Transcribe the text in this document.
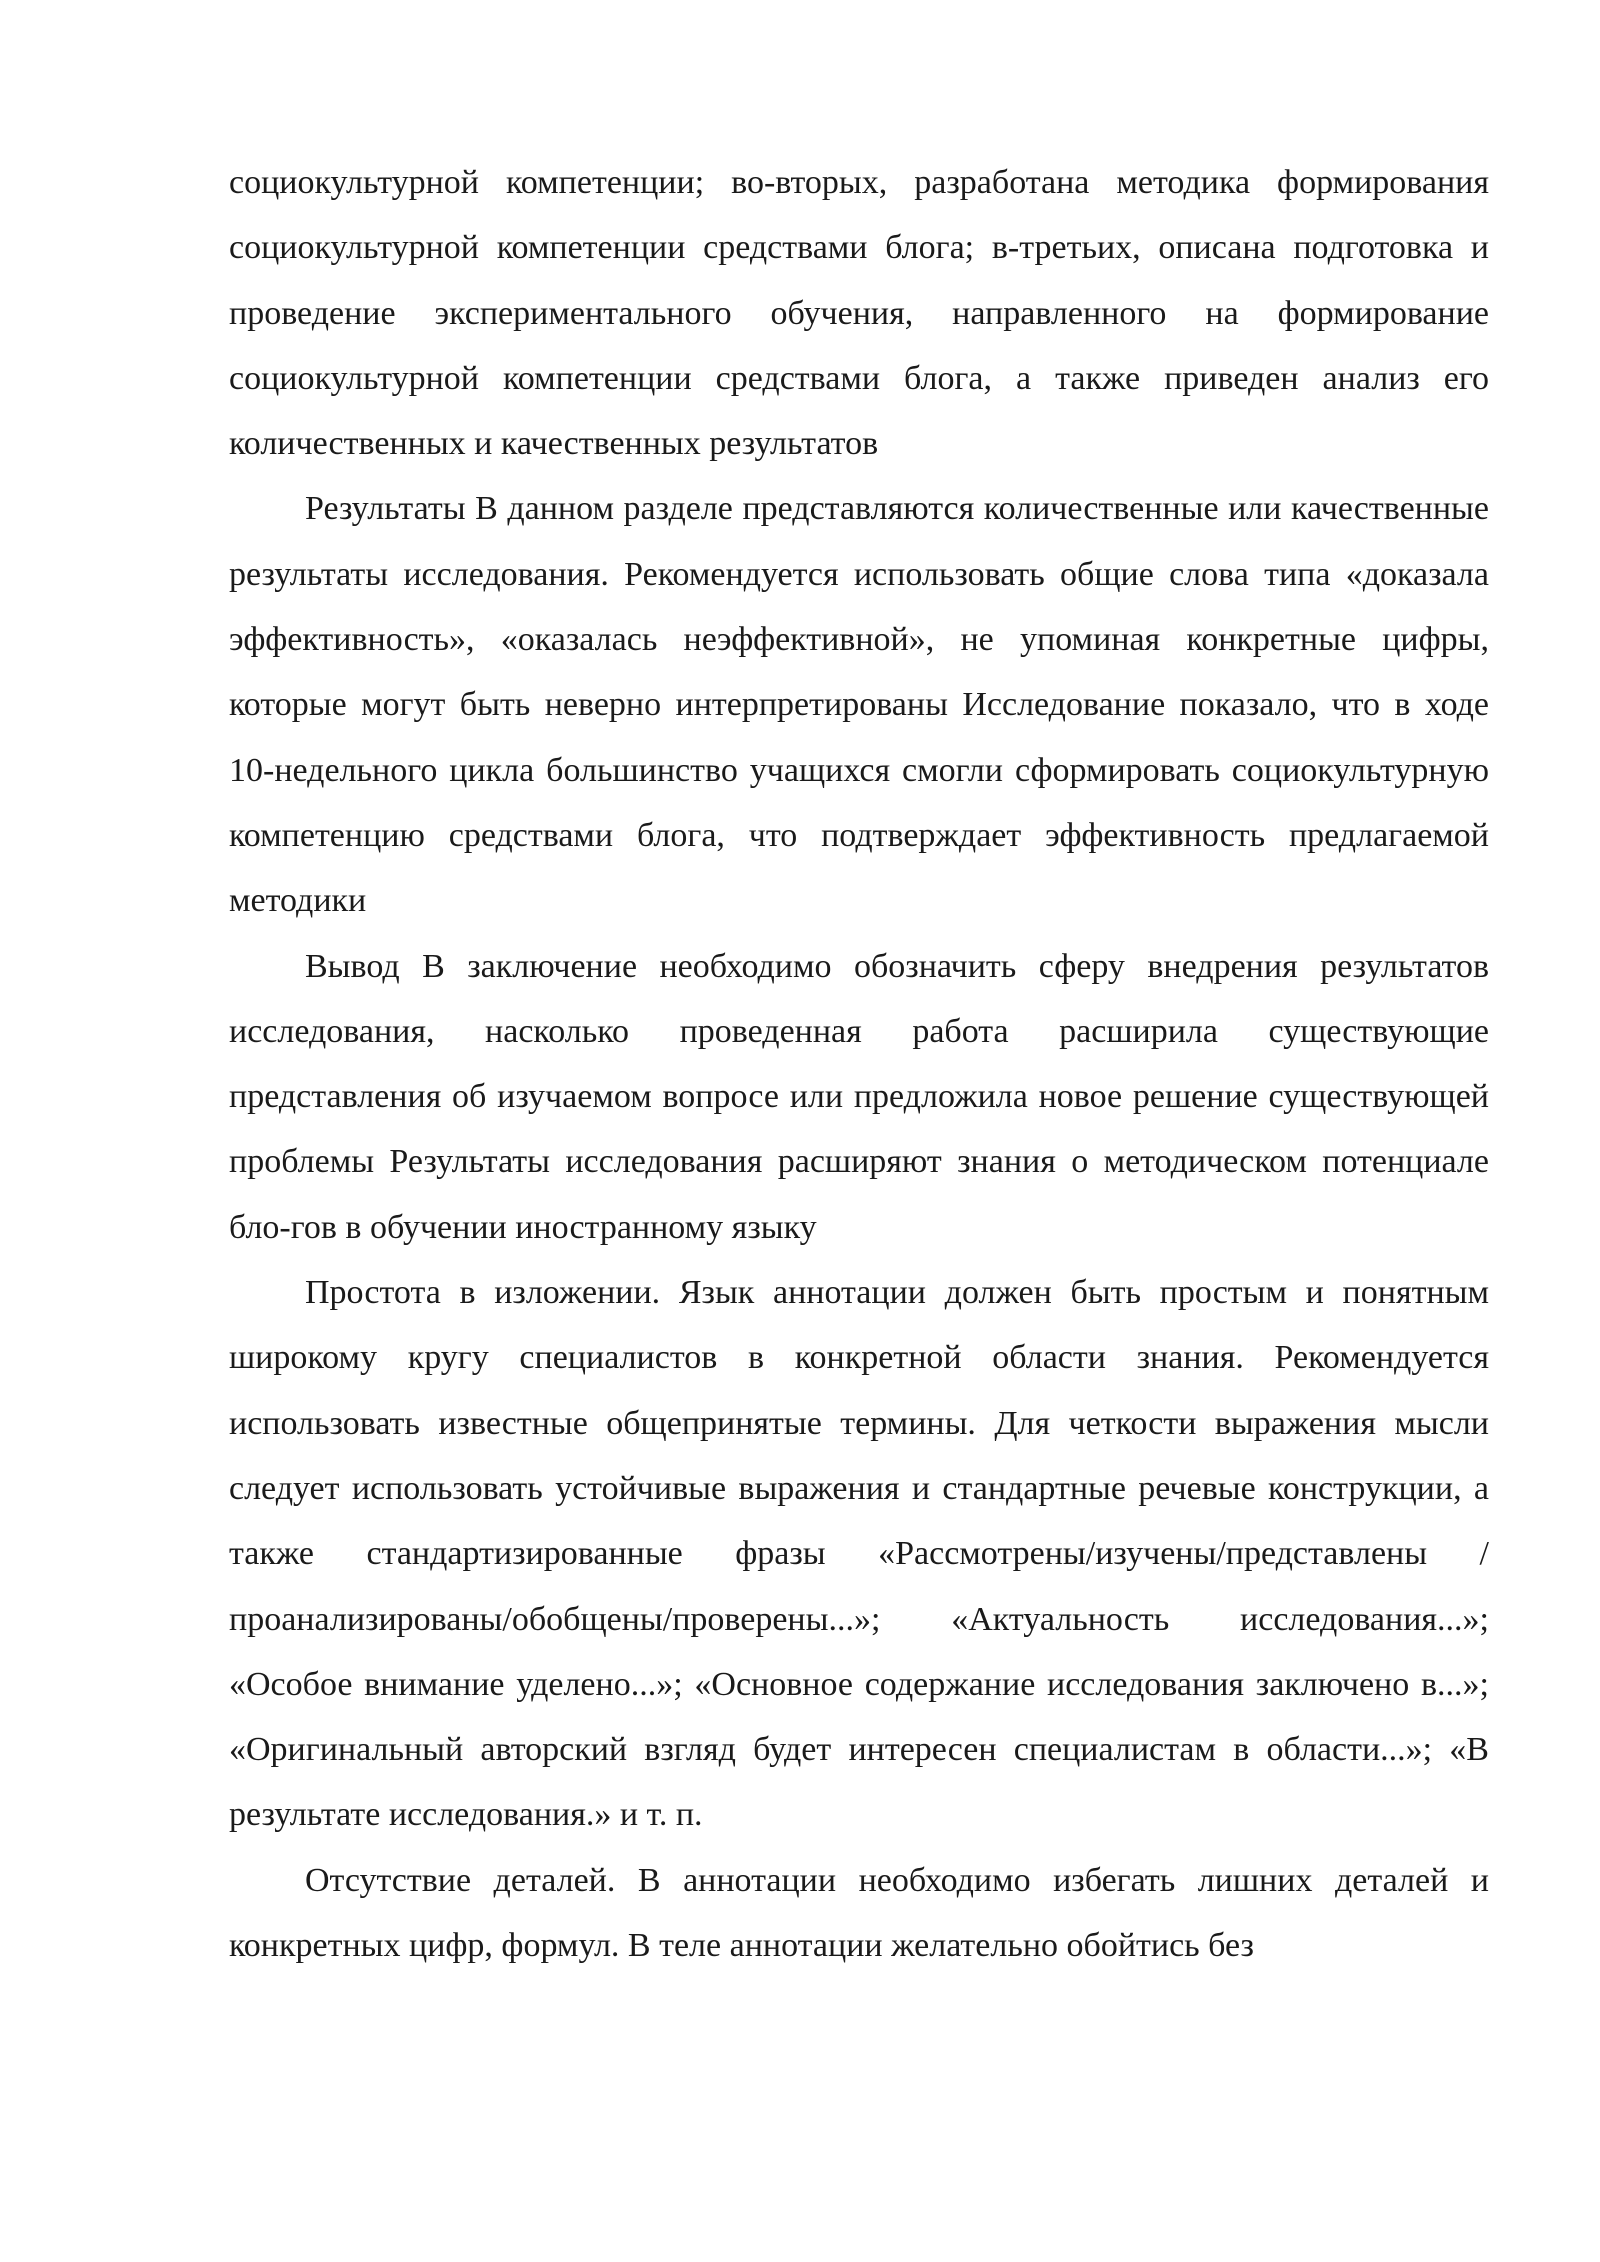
социокультурной компетенции; во-вторых, разработана методика формирования социокультурной компетенции средствами блога; в-третьих, описана подготовка и проведение экспериментального обучения, направленного на формирование социокультурной компетенции средствами блога, а также приведен анализ его количественных и качественных результатов

Результаты В данном разделе представляются количественные или качественные результаты исследования. Рекомендуется использовать общие слова типа «доказала эффективность», «оказалась неэффективной», не упоминая конкретные цифры, которые могут быть неверно интерпретированы Исследование показало, что в ходе 10-недельного цикла большинство учащихся смогли сформировать социокультурную компетенцию средствами блога, что подтверждает эффективность предлагаемой методики

Вывод В заключение необходимо обозначить сферу внедрения результатов исследования, насколько проведенная работа расширила существующие представления об изучаемом вопросе или предложила новое решение существующей проблемы Результаты исследования расширяют знания о методическом потенциале бло-гов в обучении иностранному языку

Простота в изложении. Язык аннотации должен быть простым и понятным широкому кругу специалистов в конкретной области знания. Рекомендуется использовать известные общепринятые термины. Для четкости выражения мысли следует использовать устойчивые выражения и стандартные речевые конструкции, а также стандартизированные фразы «Рассмотрены/изучены/представлены / проанализированы/обобщены/проверены...»; «Актуальность исследования...»; «Особое внимание уделено...»; «Основное содержание исследования заключено в...»; «Оригинальный авторский взгляд будет интересен специалистам в области...»; «В результате исследования.» и т. п.

Отсутствие деталей. В аннотации необходимо избегать лишних деталей и конкретных цифр, формул. В теле аннотации желательно обойтись без
